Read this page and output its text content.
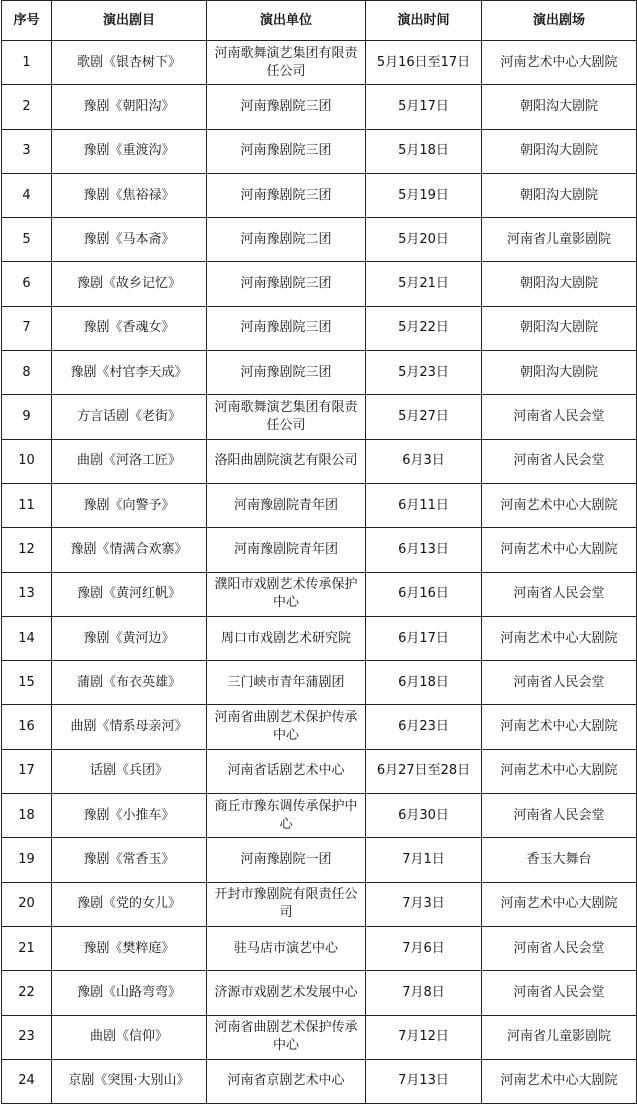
序号	演出剧目	演出单位	演出时间	演出剧场
1	歌剧《银杏树下》	河南歌舞演艺集团有限责任公司	5月16日至17日	河南艺术中心大剧院
2	豫剧《朝阳沟》	河南豫剧院三团	5月17日	朝阳沟大剧院
3	豫剧《重渡沟》	河南豫剧院三团	5月18日	朝阳沟大剧院
4	豫剧《焦裕禄》	河南豫剧院三团	5月19日	朝阳沟大剧院
5	豫剧《马本斋》	河南豫剧院二团	5月20日	河南省儿童影剧院
6	豫剧《故乡记忆》	河南豫剧院三团	5月21日	朝阳沟大剧院
7	豫剧《香魂女》	河南豫剧院三团	5月22日	朝阳沟大剧院
8	豫剧《村官李天成》	河南豫剧院三团	5月23日	朝阳沟大剧院
9	方言话剧《老街》	河南歌舞演艺集团有限责任公司	5月27日	河南省人民会堂
10	曲剧《河洛工匠》	洛阳曲剧院演艺有限公司	6月3日	河南省人民会堂
11	豫剧《向警予》	河南豫剧院青年团	6月11日	河南艺术中心大剧院
12	豫剧《情满合欢寨》	河南豫剧院青年团	6月13日	河南艺术中心大剧院
13	豫剧《黄河红帆》	濮阳市戏剧艺术传承保护中心	6月16日	河南省人民会堂
14	豫剧《黄河边》	周口市戏剧艺术研究院	6月17日	河南艺术中心大剧院
15	蒲剧《布衣英雄》	三门峡市青年蒲剧团	6月18日	河南省人民会堂
16	曲剧《情系母亲河》	河南省曲剧艺术保护传承中心	6月23日	河南艺术中心大剧院
17	话剧《兵团》	河南省话剧艺术中心	6月27日至28日	河南艺术中心大剧院
18	豫剧《小推车》	商丘市豫东调传承保护中心	6月30日	河南省人民会堂
19	豫剧《常香玉》	河南豫剧院一团	7月1日	香玉大舞台
20	豫剧《党的女儿》	开封市豫剧院有限责任公司	7月3日	河南艺术中心大剧院
21	豫剧《樊粹庭》	驻马店市演艺中心	7月6日	河南省人民会堂
22	豫剧《山路弯弯》	济源市戏剧艺术发展中心	7月8日	河南省人民会堂
23	曲剧《信仰》	河南省曲剧艺术保护传承中心	7月12日	河南省儿童影剧院
24	京剧《突围·大别山》	河南省京剧艺术中心	7月13日	河南艺术中心大剧院
